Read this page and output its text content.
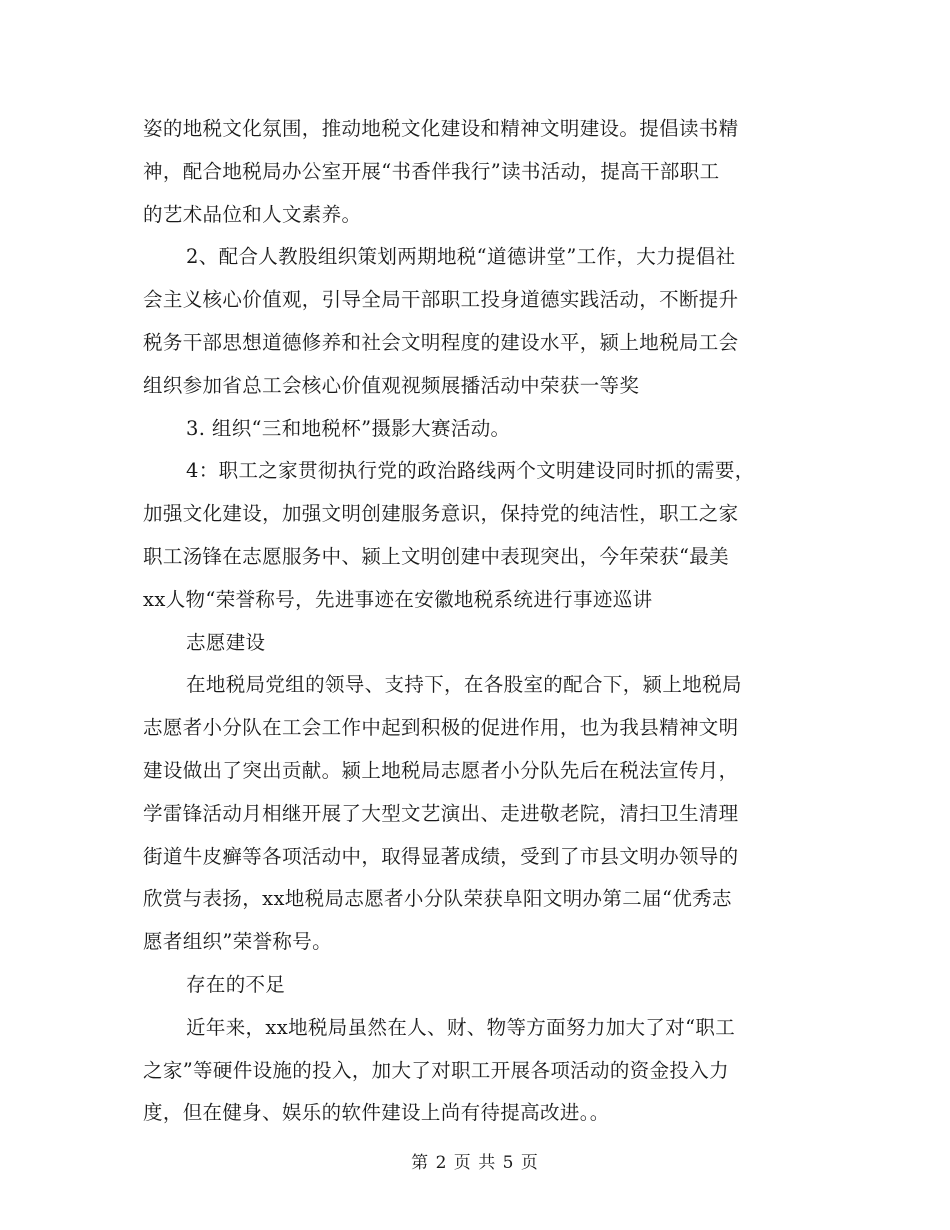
姿的地税文化氛围，推动地税文化建设和精神文明建设。提倡读书精
神，配合地税局办公室开展“书香伴我行”读书活动，提高干部职工
的艺术品位和人文素养。
2、配合人教股组织策划两期地税“道德讲堂”工作，大力提倡社
会主义核心价值观，引导全局干部职工投身道德实践活动，不断提升
税务干部思想道德修养和社会文明程度的建设水平，颍上地税局工会
组织参加省总工会核心价值观视频展播活动中荣获一等奖
3. 组织“三和地税杯”摄影大赛活动。
4：职工之家贯彻执行党的政治路线两个文明建设同时抓的需要，
加强文化建设，加强文明创建服务意识，保持党的纯洁性，职工之家
职工汤锋在志愿服务中、颍上文明创建中表现突出，今年荣获“最美
xx人物“荣誉称号，先进事迹在安徽地税系统进行事迹巡讲
志愿建设
在地税局党组的领导、支持下，在各股室的配合下，颍上地税局
志愿者小分队在工会工作中起到积极的促进作用，也为我县精神文明
建设做出了突出贡献。颍上地税局志愿者小分队先后在税法宣传月，
学雷锋活动月相继开展了大型文艺演出、走进敬老院，清扫卫生清理
街道牛皮癣等各项活动中，取得显著成绩，受到了市县文明办领导的
欣赏与表扬，xx地税局志愿者小分队荣获阜阳文明办第二届“优秀志
愿者组织”荣誉称号。
存在的不足
近年来，xx地税局虽然在人、财、物等方面努力加大了对“职工
之家”等硬件设施的投入，加大了对职工开展各项活动的资金投入力
度，但在健身、娱乐的软件建设上尚有待提高改进。。
第 2 页 共 5 页
